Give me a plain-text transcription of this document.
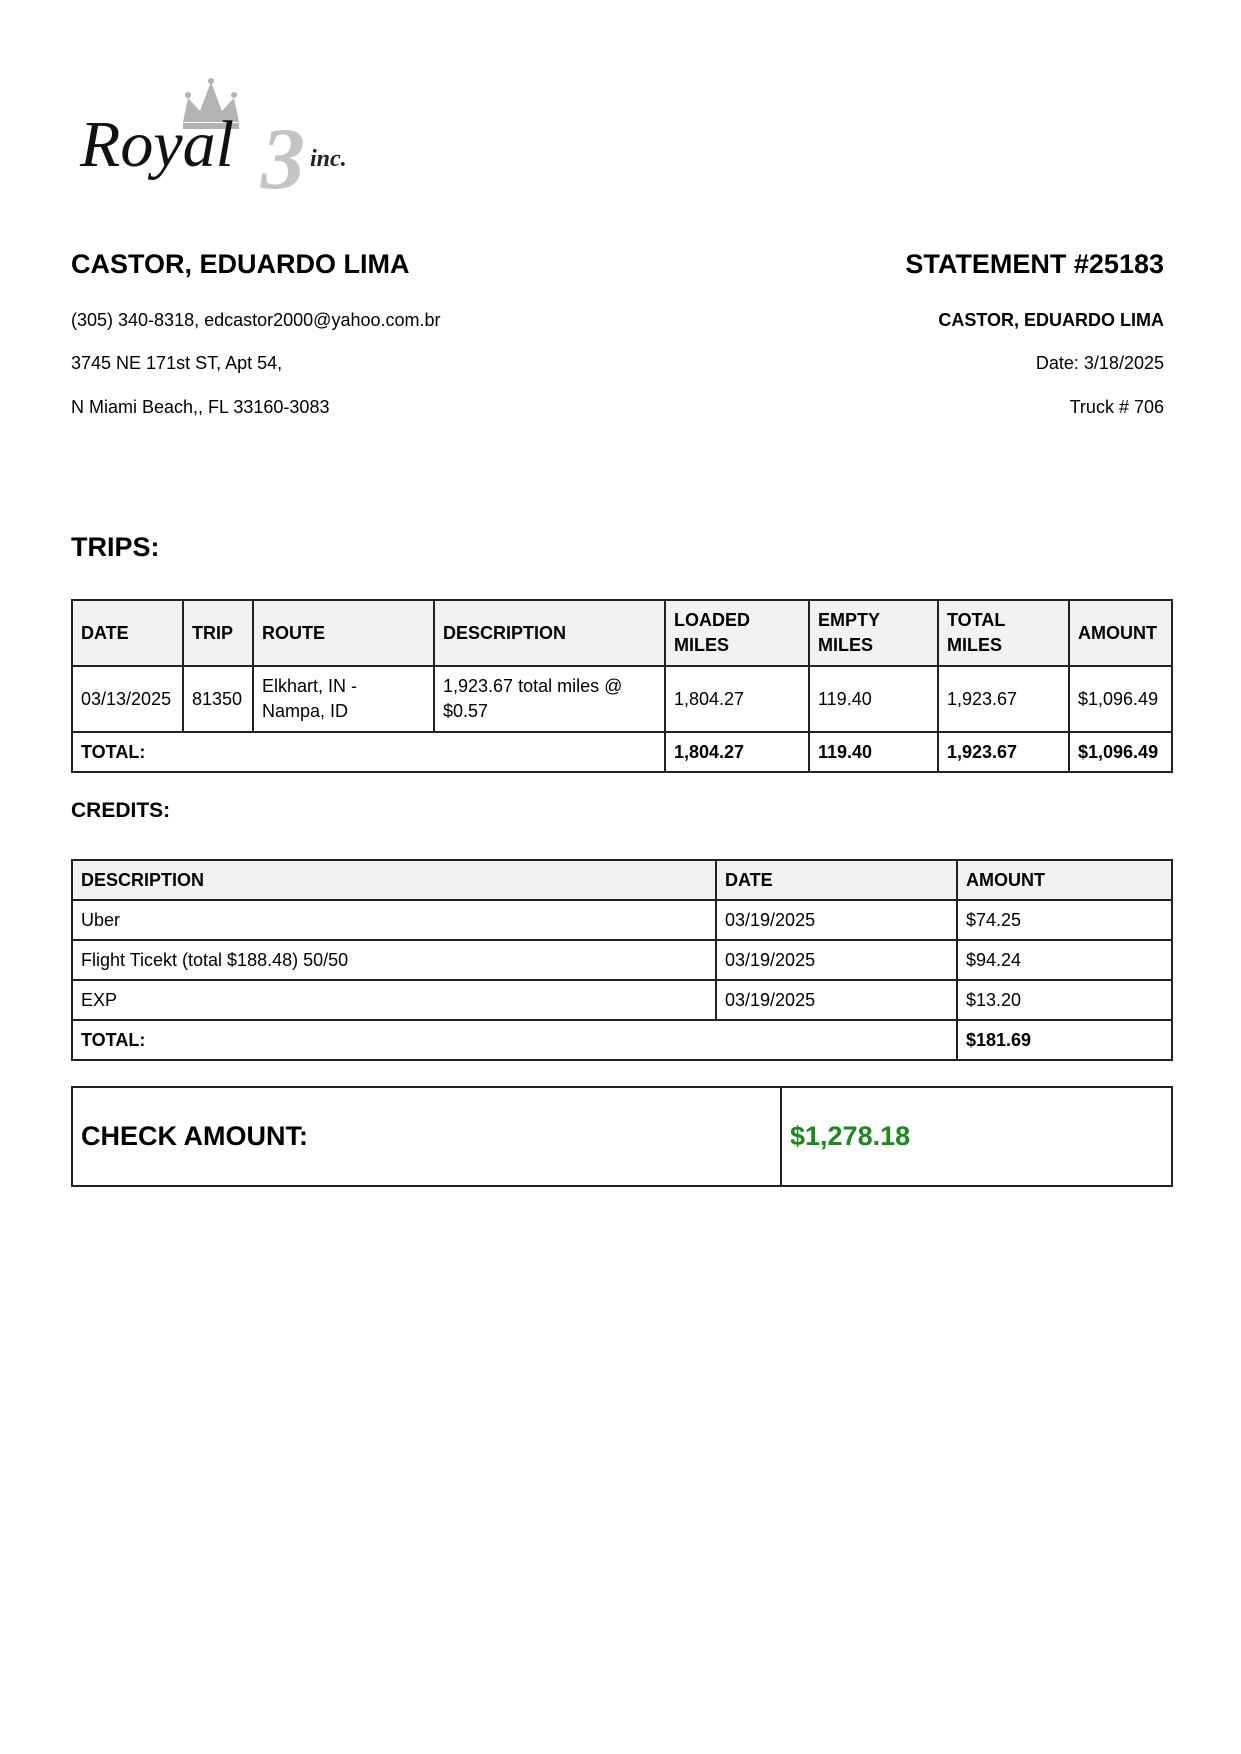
3
Royal	inc.

CASTOR, EDUARDO LIMA

(305) 340-8318, edcastor2000@yahoo.com.br
3745 NE 171st ST, Apt 54,
N Miami Beach,, FL 33160-3083

STATEMENT #25183

CASTOR, EDUARDO LIMA
Date: 3/18/2025
Truck # 706
TRIPS:
DATE	TRIP	ROUTE	DESCRIPTION	LOADED MILES	EMPTY MILES	TOTAL MILES	AMOUNT
03/13/2025	81350	Elkhart, IN - Nampa, ID	1,923.67 total miles @ $0.57	1,804.27	119.40	1,923.67	$1,096.49
TOTAL:				1,804.27	119.40	1,923.67	$1,096.49
CREDITS:
DESCRIPTION	DATE	AMOUNT
Uber	03/19/2025	$74.25
Flight Ticekt (total $188.48) 50/50	03/19/2025	$94.24
EXP	03/19/2025	$13.20
TOTAL:		$181.69
CHECK AMOUNT:	$1,278.18
